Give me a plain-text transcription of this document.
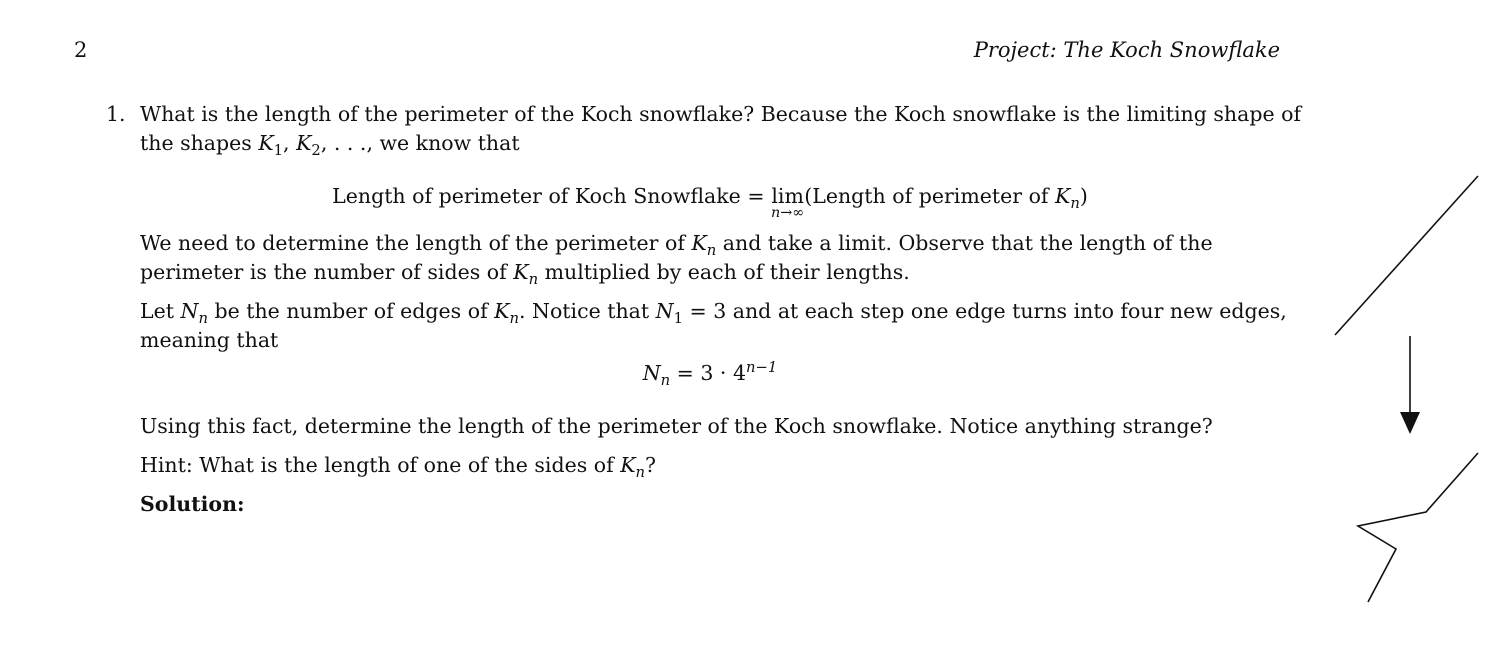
2	Project: The Koch Snowflake
1. What is the length of the perimeter of the Koch snowflake? Because the Koch snowflake is the limiting shape of the shapes $K_1$, $K_2$, . . ., we know that

Length of perimeter of Koch Snowflake = lim
n→∞
(Length of perimeter of $K_n$)

We need to determine the length of the perimeter of $K_n$ and take a limit. Observe that the length of the perimeter is the number of sides of $K_n$ multiplied by each of their lengths.

Let $N_n$ be the number of edges of $K_n$. Notice that $N_1 = 3$ and at each step one edge turns into four new edges, meaning that

$N_n = 3 \cdot 4^{n-1}$

Using this fact, determine the length of the perimeter of the Koch snowflake. Notice anything strange?

Hint: What is the length of one of the sides of $K_n$?

Solution:
